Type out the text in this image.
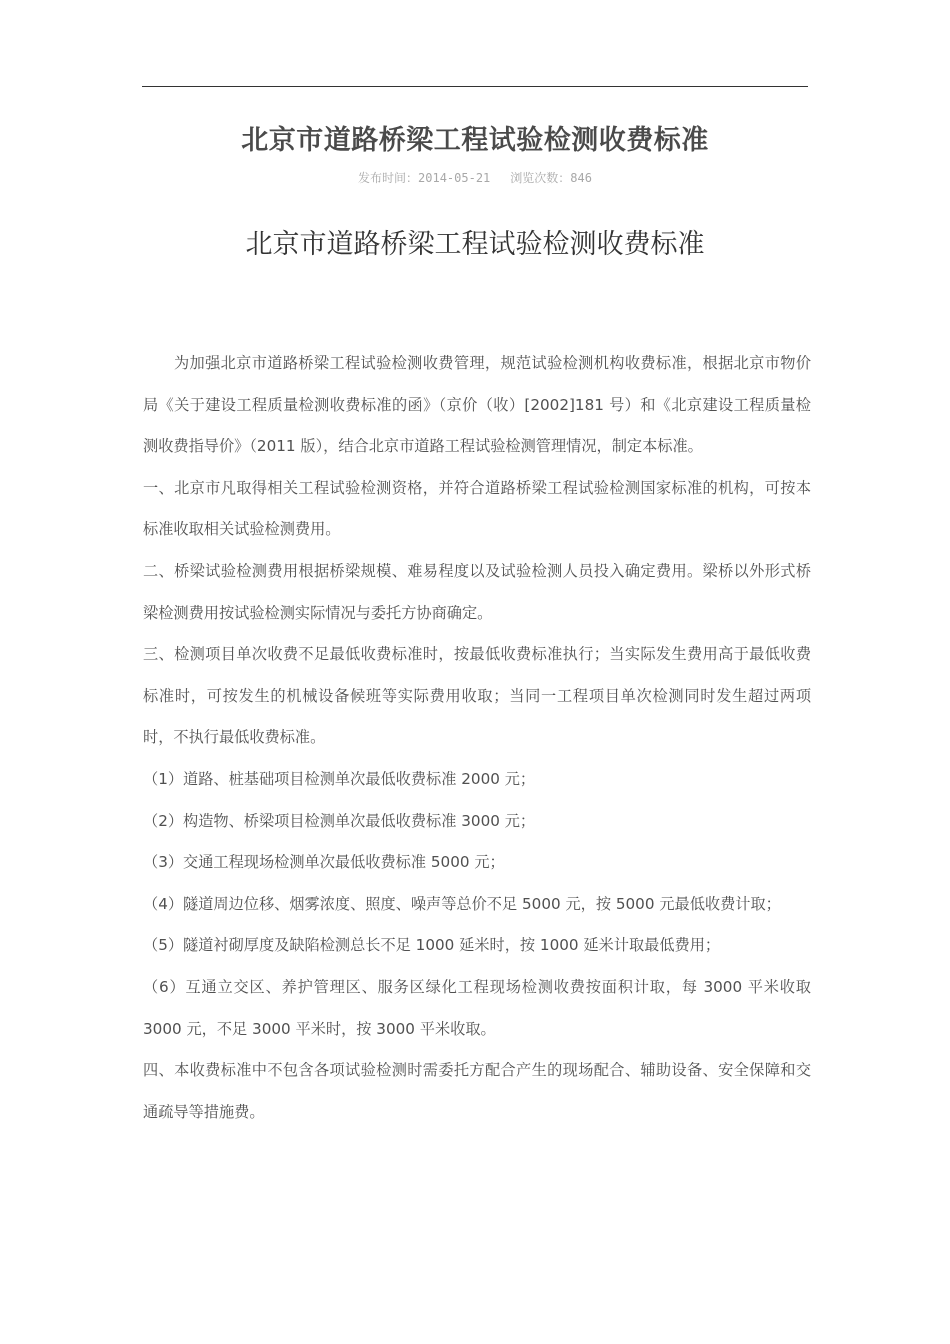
北京市道路桥梁工程试验检测收费标准
发布时间：2014-05-21 浏览次数：846
北京市道路桥梁工程试验检测收费标准

为加强北京市道路桥梁工程试验检测收费管理，规范试验检测机构收费标准，根据北京市物价局《关于建设工程质量检测收费标准的函》（京价（收）[2002]181 号）和《北京建设工程质量检测收费指导价》（2011 版），结合北京市道路工程试验检测管理情况，制定本标准。

一、北京市凡取得相关工程试验检测资格，并符合道路桥梁工程试验检测国家标准的机构，可按本标准收取相关试验检测费用。

二、桥梁试验检测费用根据桥梁规模、难易程度以及试验检测人员投入确定费用。梁桥以外形式桥梁检测费用按试验检测实际情况与委托方协商确定。

三、检测项目单次收费不足最低收费标准时，按最低收费标准执行；当实际发生费用高于最低收费标准时，可按发生的机械设备候班等实际费用收取；当同一工程项目单次检测同时发生超过两项时，不执行最低收费标准。

（1）道路、桩基础项目检测单次最低收费标准 2000 元；

（2）构造物、桥梁项目检测单次最低收费标准 3000 元；

（3）交通工程现场检测单次最低收费标准 5000 元；

（4）隧道周边位移、烟雾浓度、照度、噪声等总价不足 5000 元，按 5000 元最低收费计取；

（5）隧道衬砌厚度及缺陷检测总长不足 1000 延米时，按 1000 延米计取最低费用；

（6）互通立交区、养护管理区、服务区绿化工程现场检测收费按面积计取，每 3000 平米收取 3000 元，不足 3000 平米时，按 3000 平米收取。

四、本收费标准中不包含各项试验检测时需委托方配合产生的现场配合、辅助设备、安全保障和交通疏导等措施费。
